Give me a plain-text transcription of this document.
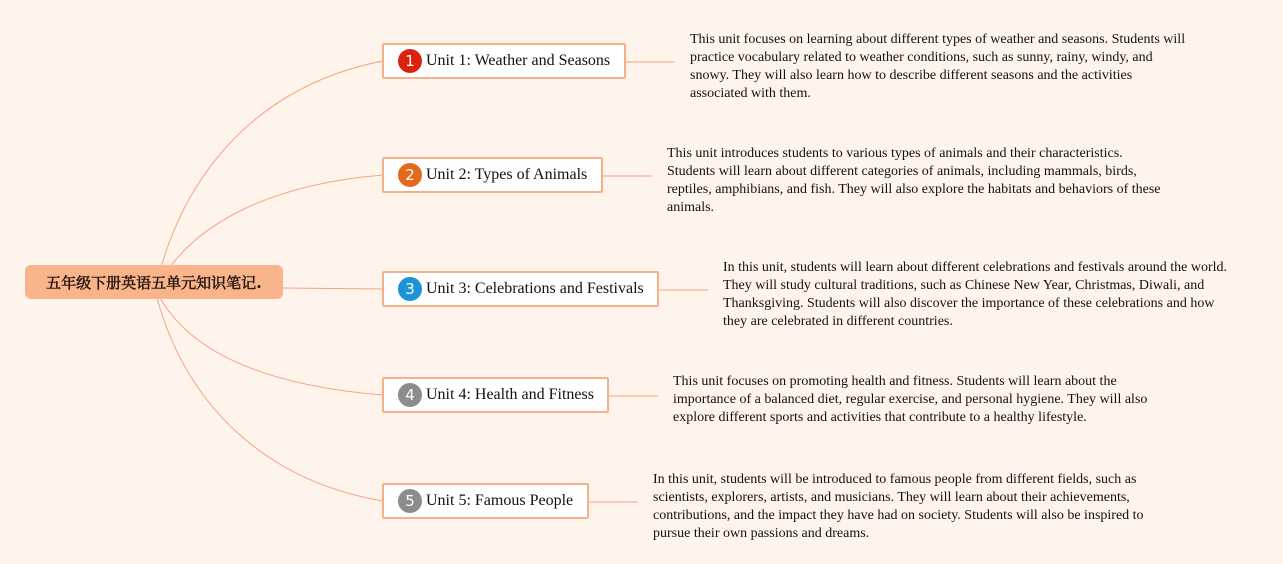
五年级下册英语五单元知识笔记.
1 Unit 1: Weather and Seasons
2 Unit 2: Types of Animals
3 Unit 3: Celebrations and Festivals
4 Unit 4: Health and Fitness
5 Unit 5: Famous People
This unit focuses on learning about different types of weather and seasons. Students will practice vocabulary related to weather conditions, such as sunny, rainy, windy, and snowy. They will also learn how to describe different seasons and the activities associated with them.
This unit introduces students to various types of animals and their characteristics. Students will learn about different categories of animals, including mammals, birds, reptiles, amphibians, and fish. They will also explore the habitats and behaviors of these animals.
In this unit, students will learn about different celebrations and festivals around the world. They will study cultural traditions, such as Chinese New Year, Christmas, Diwali, and Thanksgiving. Students will also discover the importance of these celebrations and how they are celebrated in different countries.
This unit focuses on promoting health and fitness. Students will learn about the importance of a balanced diet, regular exercise, and personal hygiene. They will also explore different sports and activities that contribute to a healthy lifestyle.
In this unit, students will be introduced to famous people from different fields, such as scientists, explorers, artists, and musicians. They will learn about their achievements, contributions, and the impact they have had on society. Students will also be inspired to pursue their own passions and dreams.
